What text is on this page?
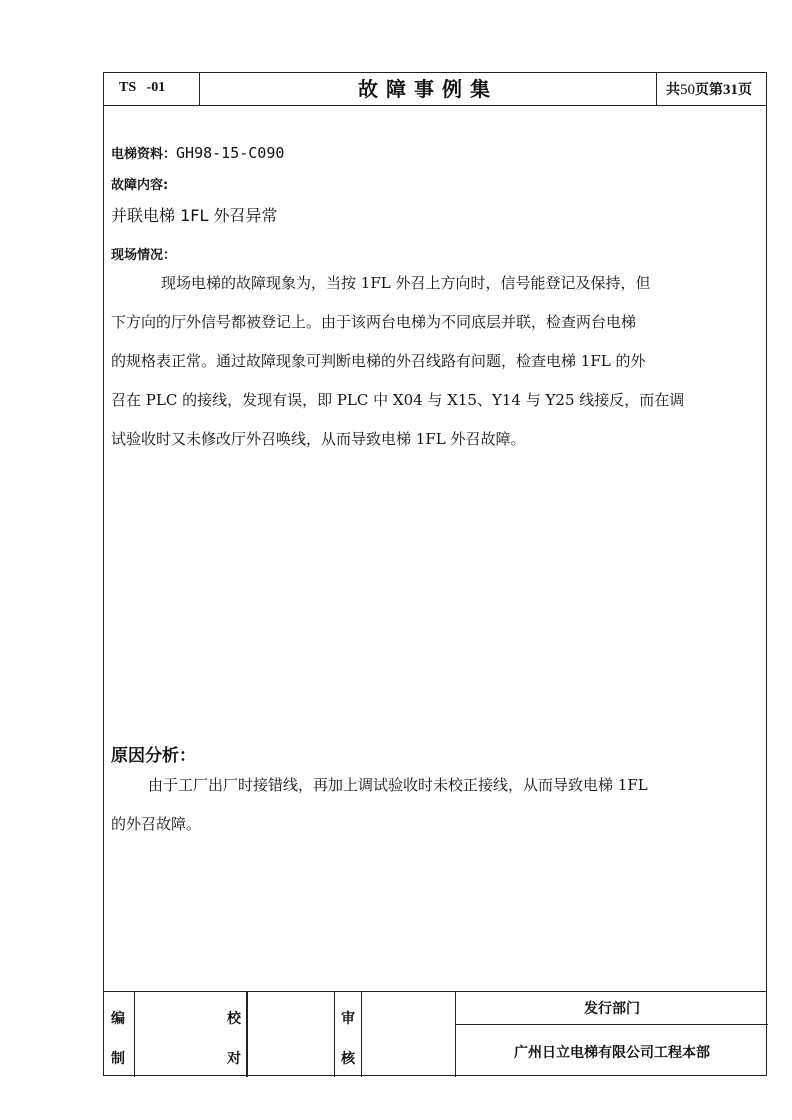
TS -01	故障事例集	共50页第31页
电梯资料：GH98-15-C090
故障内容:
并联电梯 1FL 外召异常
现场情况：
现场电梯的故障现象为，当按 1FL 外召上方向时，信号能登记及保持，但
下方向的厅外信号都被登记上。由于该两台电梯为不同底层并联，检查两台电梯
的规格表正常。通过故障现象可判断电梯的外召线路有问题，检查电梯 1FL 的外
召在 PLC 的接线，发现有误，即 PLC 中 X04 与 X15、Y14 与 Y25 线接反，而在调
试验收时又未修改厅外召唤线，从而导致电梯 1FL 外召故障。
原因分析：
由于工厂出厂时接错线，再加上调试验收时未校正接线，从而导致电梯 1FL
的外召故障。
编
制
校
对
审
核
发行部门
广州日立电梯有限公司工程本部
